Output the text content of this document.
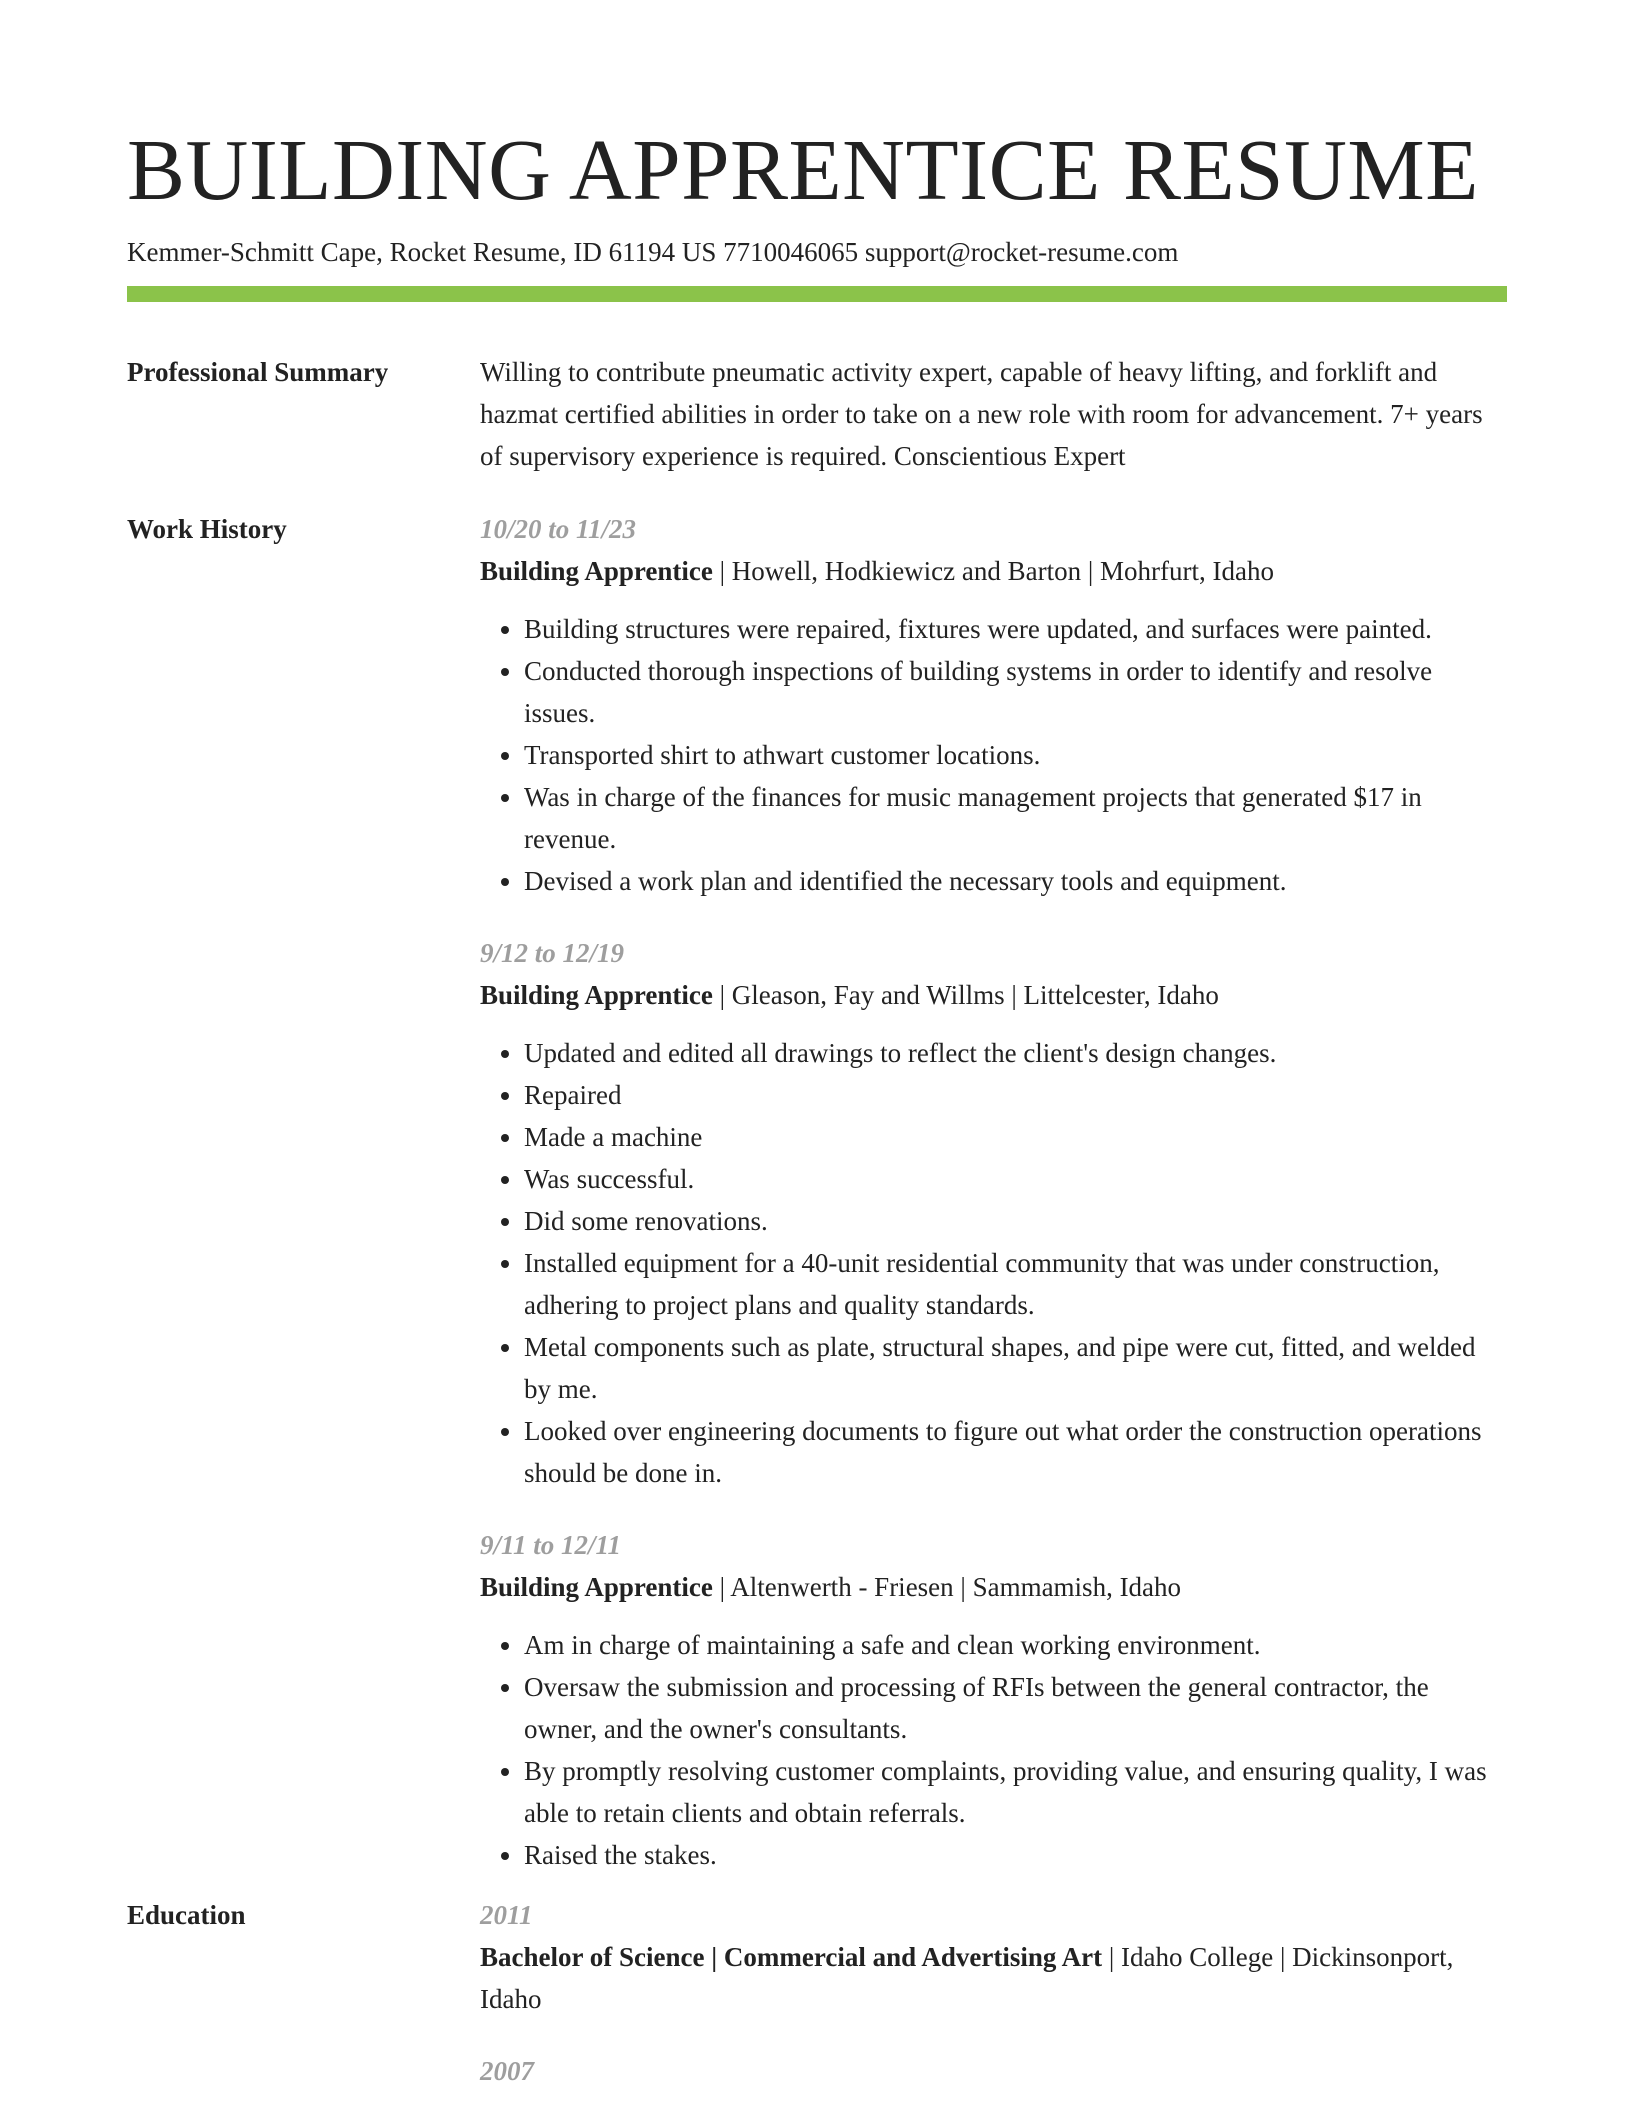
BUILDING APPRENTICE RESUME
Kemmer-Schmitt Cape, Rocket Resume, ID 61194 US 7710046065 support@rocket-resume.com
Professional Summary	Willing to contribute pneumatic activity expert, capable of heavy lifting, and forklift and hazmat certified abilities in order to take on a new role with room for advancement. 7+ years of supervisory experience is required. Conscientious Expert
Work History	10/20 to 11/23
Building Apprentice | Howell, Hodkiewicz and Barton | Mohrfurt, Idaho
• Building structures were repaired, fixtures were updated, and surfaces were painted.
• Conducted thorough inspections of building systems in order to identify and resolve issues.
• Transported shirt to athwart customer locations.
• Was in charge of the finances for music management projects that generated $17 in revenue.
• Devised a work plan and identified the necessary tools and equipment.
9/12 to 12/19
Building Apprentice | Gleason, Fay and Willms | Littelcester, Idaho
• Updated and edited all drawings to reflect the client's design changes.
• Repaired
• Made a machine
• Was successful.
• Did some renovations.
• Installed equipment for a 40-unit residential community that was under construction, adhering to project plans and quality standards.
• Metal components such as plate, structural shapes, and pipe were cut, fitted, and welded by me.
• Looked over engineering documents to figure out what order the construction operations should be done in.
9/11 to 12/11
Building Apprentice | Altenwerth - Friesen | Sammamish, Idaho
• Am in charge of maintaining a safe and clean working environment.
• Oversaw the submission and processing of RFIs between the general contractor, the owner, and the owner's consultants.
• By promptly resolving customer complaints, providing value, and ensuring quality, I was able to retain clients and obtain referrals.
• Raised the stakes.
Education	2011
Bachelor of Science | Commercial and Advertising Art | Idaho College | Dickinsonport, Idaho
2007
